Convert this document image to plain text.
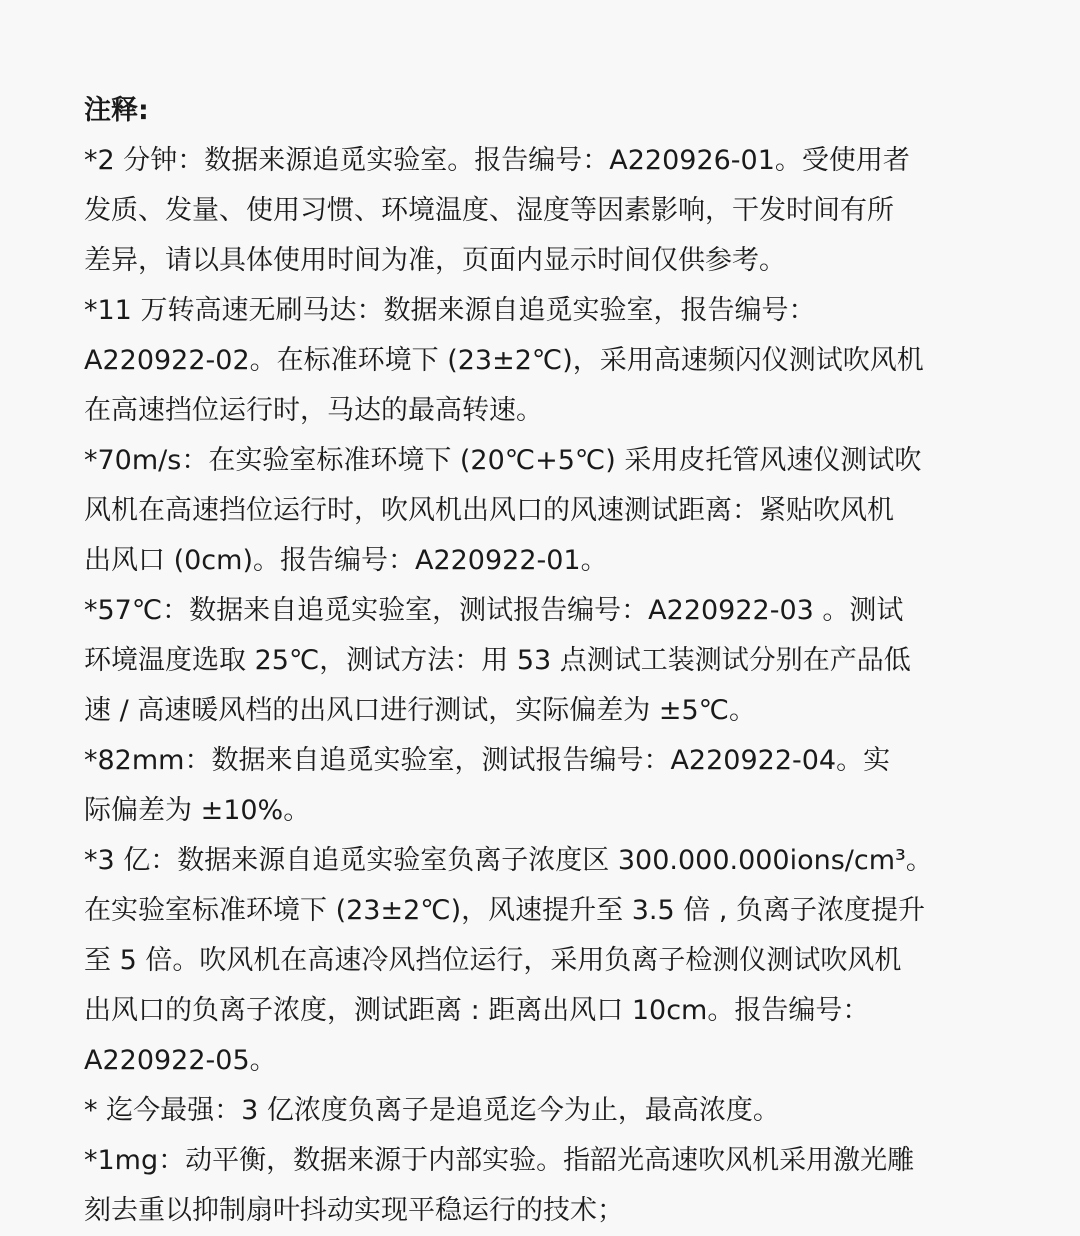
注释:
*2 分钟：数据来源追觅实验室。报告编号：A220926-01。受使用者
发质、发量、使用习惯、环境温度、湿度等因素影响，干发时间有所
差异，请以具体使用时间为准，页面内显示时间仅供参考。
*11 万转高速无刷马达：数据来源自追觅实验室，报告编号：
A220922-02。在标准环境下 (23±2℃)，采用高速频闪仪测试吹风机
在高速挡位运行时，马达的最高转速。
*70m/s：在实验室标准环境下 (20℃+5℃) 采用皮托管风速仪测试吹
风机在高速挡位运行时，吹风机出风口的风速测试距离：紧贴吹风机
出风口 (0cm)。报告编号：A220922-01。
*57℃：数据来自追觅实验室，测试报告编号：A220922-03 。测试
环境温度选取 25℃，测试方法：用 53 点测试工装测试分别在产品低
速 / 高速暖风档的出风口进行测试，实际偏差为 ±5℃。
*82mm：数据来自追觅实验室，测试报告编号：A220922-04。实
际偏差为 ±10%。
*3 亿：数据来源自追觅实验室负离子浓度区 300.000.000ions/cm³。
在实验室标准环境下 (23±2℃)，风速提升至 3.5 倍 , 负离子浓度提升
至 5 倍。吹风机在高速冷风挡位运行，采用负离子检测仪测试吹风机
出风口的负离子浓度，测试距离 : 距离出风口 10cm。报告编号：
A220922-05。
* 迄今最强：3 亿浓度负离子是追觅迄今为止，最高浓度。
*1mg：动平衡，数据来源于内部实验。指韶光高速吹风机采用激光雕
刻去重以抑制扇叶抖动实现平稳运行的技术；
